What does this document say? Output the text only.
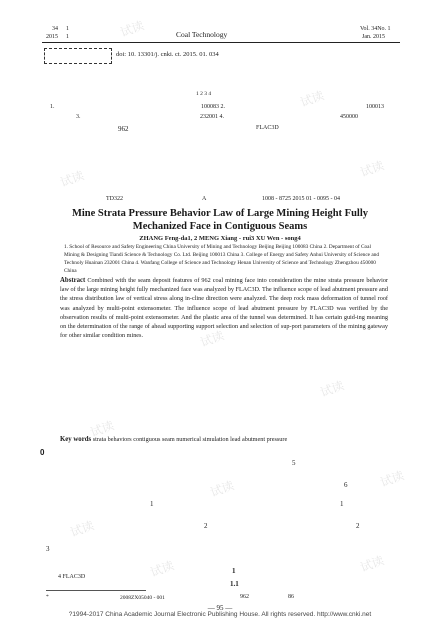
34 1
2015 1	Coal Technology
Vol. 34No. 1
Jan. 2015
doi: 10. 13301/j. cnki. ct. 2015. 01. 034
1 2 3 4
1.	100083 2.	100013
3.	232001 4.	450000
962	FLAC3D
TD322	A	1008 - 8725 2015 01 - 0095 - 04
Mine Strata Pressure Behavior Law of Large Mining Height Fully
Mechanized Face in Contiguous Seams
ZHANG Feng-da1, 2 MENG Xiang - rui3 XU Wen - song4
1. School of Resource and Safety Engineering China University of Mining and Technology Beijing Beijing 100083 China 2. Department of Coal Mining & Designing Tiandi Science & Technology Co. Ltd. Beijing 100013 China 3. College of Energy and Safety Anhui University of Science and Technoly Huainan 232001 China 4. Wanfang College of Science and Technology Henan University of Science and Technology Zhengzhou 450000 China
Abstract Combined with the seam deposit features of 962 coal mining face into consideration the mine strata pressure behavior law of the large mining height fully mechanized face was analyzed by FLAC3D. The influence scope of lead abutment pressure and the stress distribution law of vertical stress along in-cline direction were analyzed. The deep rock mass deformation of tunnel roof was analyzed by multi-point extensometer. The influence scope of lead abutment pressure by FLAC3D was verified by the observation results of multi-point extensometer. And the plastic area of the tunnel was determined. It has certain guid-ing meaning on the determination of the range of ahead supporting support selection and selection of sup-port parameters of the mining gateway for other similar condition mines.
Key words strata behaviors contiguous seam numerical simulation lead abutment pressure
0
5
6
1
2
1
2
3
4 FLAC3D
1
1.1
962	86
*	2008ZX05040 - 001
— 95 —
?1994-2017 China Academic Journal Electronic Publishing House. All rights reserved. http://www.cnki.net
试读
试读
试读
试读
试读
试读
试读
试读
试读
试读
试读
试读
